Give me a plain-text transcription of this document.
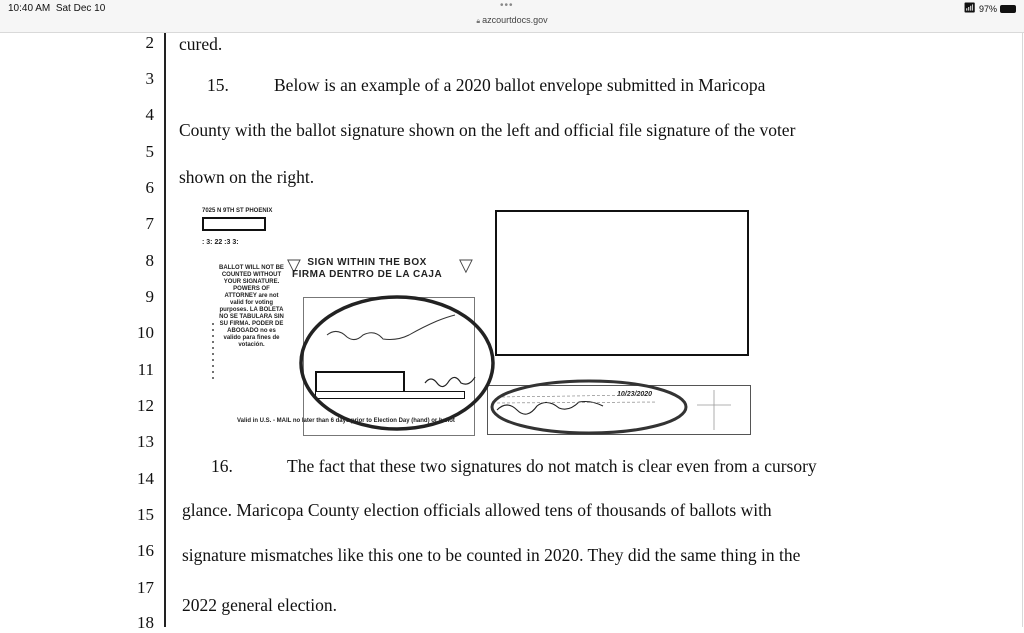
10:40 AM Sat Dec 10	•••
🔒︎ azcourtdocs.gov
📶︎ 97%
2
3
4
5
6
7
8
9
10
11
12
13
14
15
16
17
18
cured.
15.	Below is an example of a 2020 ballot envelope submitted in Maricopa
County with the ballot signature shown on the left and official file signature of the voter
shown on the right.
16.	The fact that these two signatures do not match is clear even from a cursory
glance. Maricopa County election officials allowed tens of thousands of ballots with
signature mismatches like this one to be counted in 2020. They did the same thing in the
2022 general election.
7025 N 9TH ST PHOENIX
: 3: 22 :3 3:
BALLOT WILL NOT BE COUNTED WITHOUT YOUR SIGNATURE. POWERS OF ATTORNEY are not valid for voting purposes. LA BOLETA NO SE TABULARA SIN SU FIRMA. PODER DE ABOGADO no es valido para fines de votación.
▽	▽
SIGN WITHIN THE BOX
FIRMA DENTRO DE LA CAJA
10/23/2020
Valid in U.S. - MAIL no later than 6 days prior to Election Day (hand) or ballot
